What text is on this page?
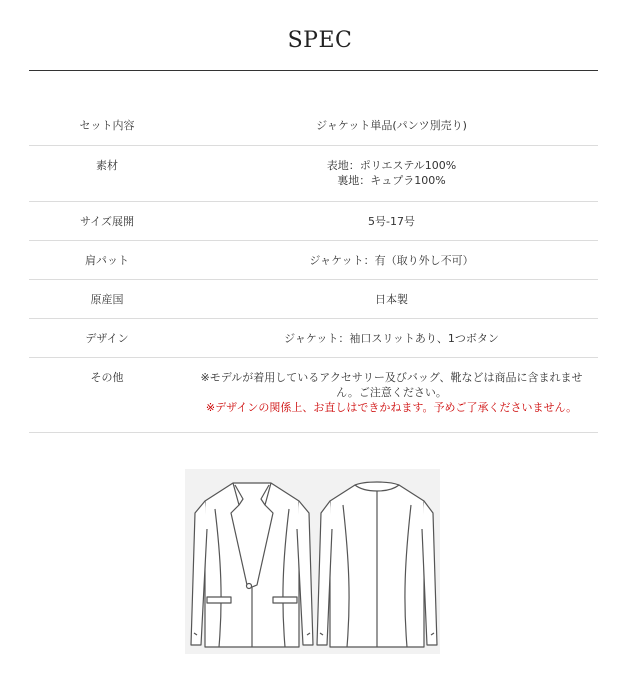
SPEC
セット内容	ジャケット単品(パンツ別売り)
素材	表地：ポリエステル100%
裏地：キュプラ100%
サイズ展開	5号-17号
肩パット	ジャケット：有（取り外し不可）
原産国	日本製
デザイン	ジャケット：袖口スリットあり、1つボタン
その他	※モデルが着用しているアクセサリー及びバッグ、靴などは商品に含まれません。ご注意ください。
※デザインの関係上、お直しはできかねます。予めご了承くださいません。
